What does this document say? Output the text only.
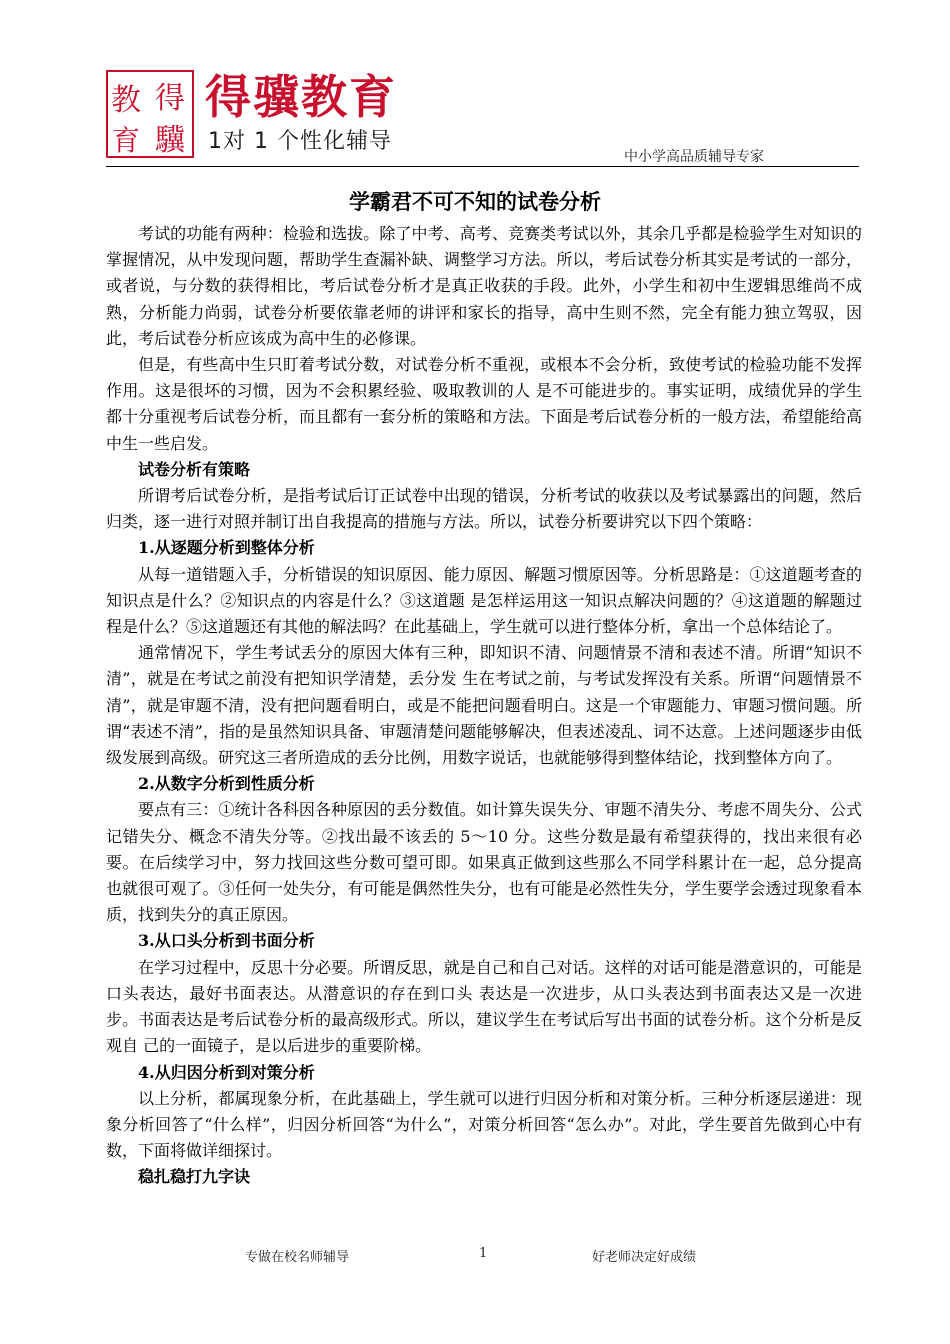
教 得
育 驥
得骥教育
1对 1 个性化辅导
中小学高品质辅导专家
学霸君不可不知的试卷分析

考试的功能有两种：检验和选拔。除了中考、高考、竞赛类考试以外，其余几乎都是检验学生对知识的掌握情况，从中发现问题，帮助学生查漏补缺、调整学习方法。所以，考后试卷分析其实是考试的一部分，或者说，与分数的获得相比，考后试卷分析才是真正收获的手段。此外，小学生和初中生逻辑思维尚不成 熟，分析能力尚弱，试卷分析要依靠老师的讲评和家长的指导，高中生则不然，完全有能力独立驾驭，因此，考后试卷分析应该成为高中生的必修课。

但是，有些高中生只盯着考试分数，对试卷分析不重视，或根本不会分析，致使考试的检验功能不发挥作用。这是很坏的习惯，因为不会积累经验、吸取教训的人 是不可能进步的。事实证明，成绩优异的学生都十分重视考后试卷分析，而且都有一套分析的策略和方法。下面是考后试卷分析的一般方法，希望能给高中生一些启发。

试卷分析有策略

所谓考后试卷分析，是指考试后订正试卷中出现的错误，分析考试的收获以及考试暴露出的问题，然后归类，逐一进行对照并制订出自我提高的措施与方法。所以，试卷分析要讲究以下四个策略：

1.从逐题分析到整体分析

从每一道错题入手，分析错误的知识原因、能力原因、解题习惯原因等。分析思路是：①这道题考查的知识点是什么？②知识点的内容是什么？③这道题 是怎样运用这一知识点解决问题的？④这道题的解题过程是什么？⑤这道题还有其他的解法吗？在此基础上，学生就可以进行整体分析，拿出一个总体结论了。

通常情况下，学生考试丢分的原因大体有三种，即知识不清、问题情景不清和表述不清。所谓“知识不清”，就是在考试之前没有把知识学清楚，丢分发 生在考试之前，与考试发挥没有关系。所谓“问题情景不清”，就是审题不清，没有把问题看明白，或是不能把问题看明白。这是一个审题能力、审题习惯问题。所 谓“表述不清”，指的是虽然知识具备、审题清楚问题能够解决，但表述凌乱、词不达意。上述问题逐步由低级发展到高级。研究这三者所造成的丢分比例，用数字说话，也就能够得到整体结论，找到整体方向了。

2.从数字分析到性质分析

要点有三：①统计各科因各种原因的丢分数值。如计算失误失分、审题不清失分、考虑不周失分、公式记错失分、概念不清失分等。②找出最不该丢的 5～10 分。这些分数是最有希望获得的，找出来很有必要。在后续学习中，努力找回这些分数可望可即。如果真正做到这些那么不同学科累计在一起，总分提高 也就很可观了。③任何一处失分，有可能是偶然性失分，也有可能是必然性失分，学生要学会透过现象看本质，找到失分的真正原因。

3.从口头分析到书面分析

在学习过程中，反思十分必要。所谓反思，就是自己和自己对话。这样的对话可能是潜意识的，可能是口头表达，最好书面表达。从潜意识的存在到口头 表达是一次进步，从口头表达到书面表达又是一次进步。书面表达是考后试卷分析的最高级形式。所以，建议学生在考试后写出书面的试卷分析。这个分析是反观自 己的一面镜子，是以后进步的重要阶梯。

4.从归因分析到对策分析

以上分析，都属现象分析，在此基础上，学生就可以进行归因分析和对策分析。三种分析逐层递进：现象分析回答了“什么样”，归因分析回答“为什么”，对策分析回答“怎么办”。对此，学生要首先做到心中有数，下面将做详细探讨。

稳扎稳打九字诀

专做在校名师辅导	1	好老师决定好成绩
